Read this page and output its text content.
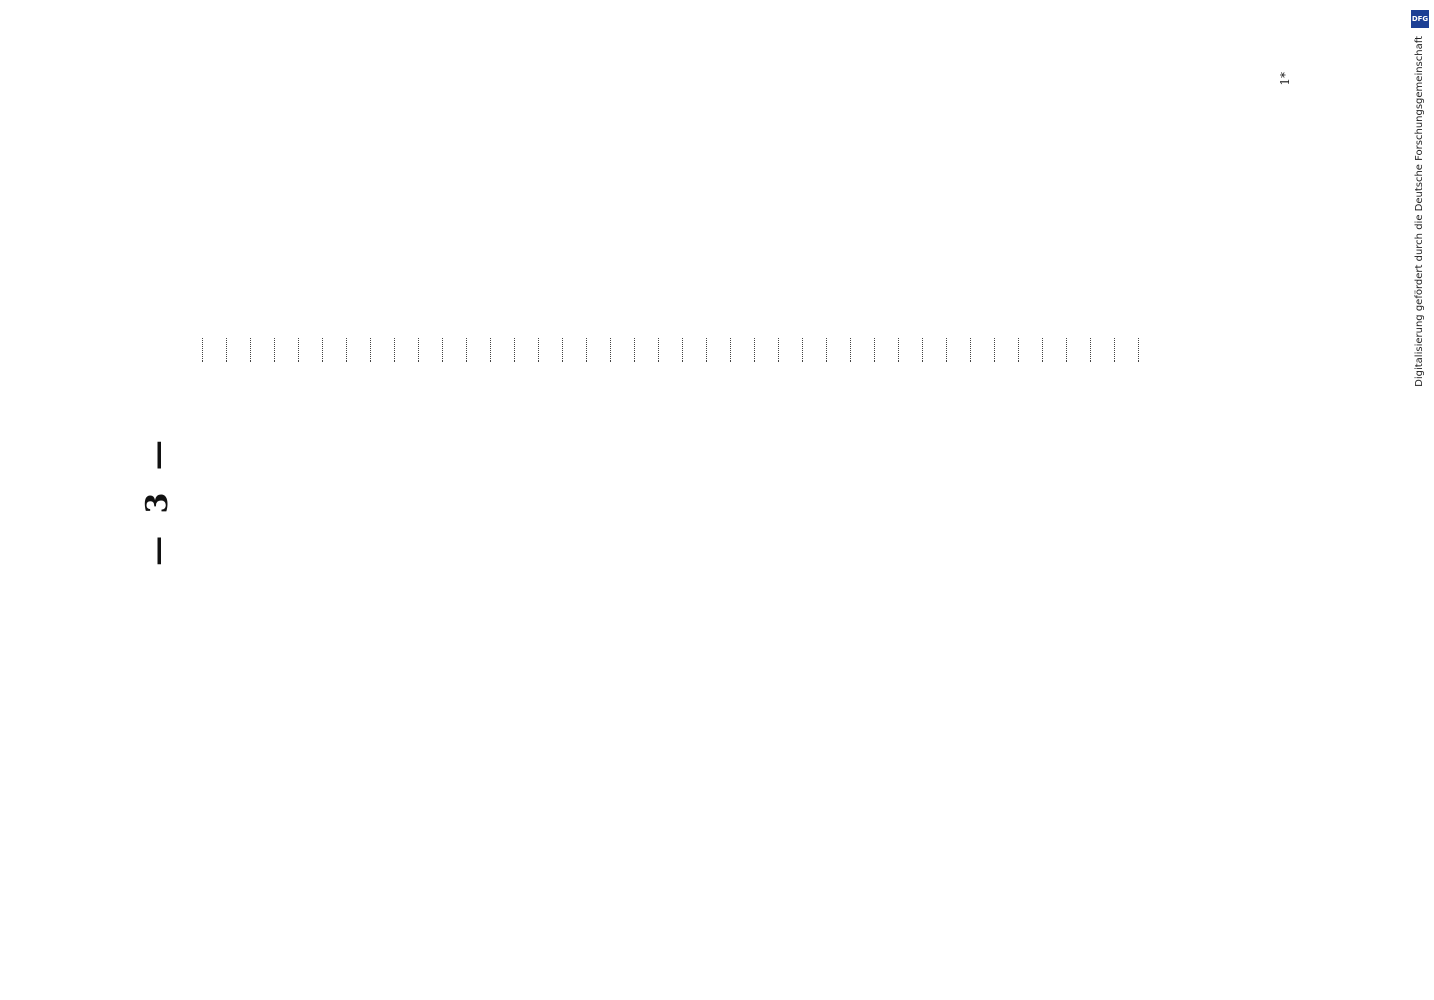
— 3 —
1*
DFG
Digitalisierung gefördert durch die Deutsche Forschungsgemeinschaft
